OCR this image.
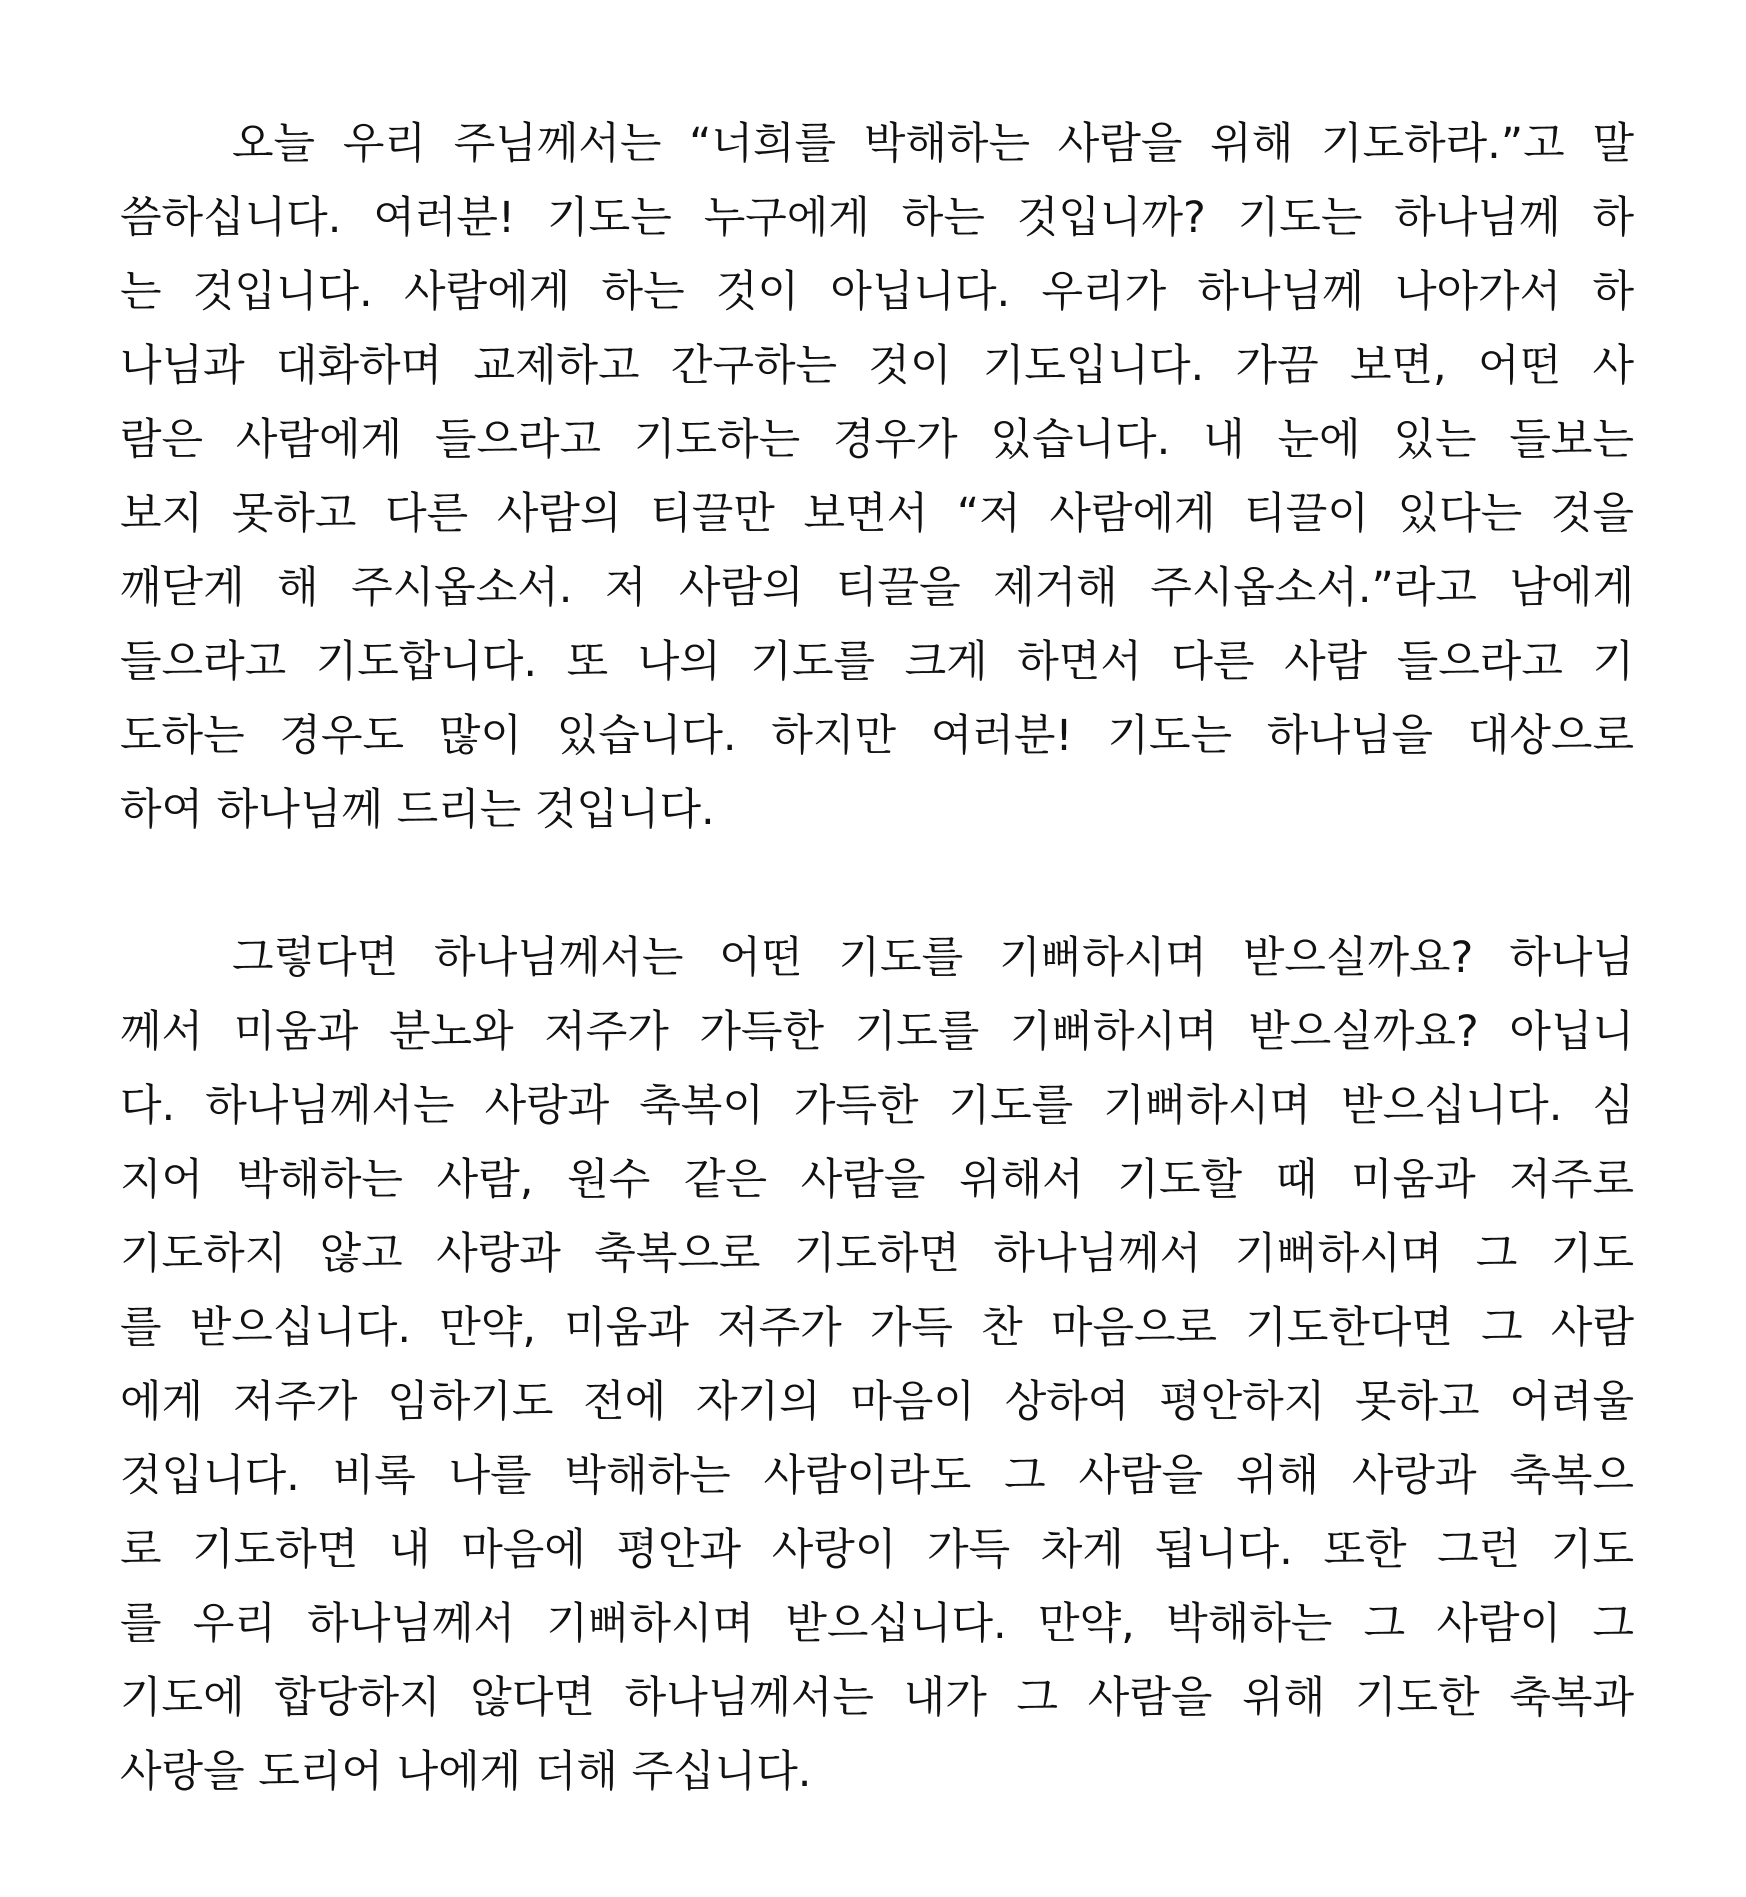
오늘 우리 주님께서는 “너희를 박해하는 사람을 위해 기도하라.”고 말
씀하십니다. 여러분! 기도는 누구에게 하는 것입니까? 기도는 하나님께 하
는 것입니다. 사람에게 하는 것이 아닙니다. 우리가 하나님께 나아가서 하
나님과 대화하며 교제하고 간구하는 것이 기도입니다. 가끔 보면, 어떤 사
람은 사람에게 들으라고 기도하는 경우가 있습니다. 내 눈에 있는 들보는
보지 못하고 다른 사람의 티끌만 보면서 “저 사람에게 티끌이 있다는 것을
깨닫게 해 주시옵소서. 저 사람의 티끌을 제거해 주시옵소서.”라고 남에게
들으라고 기도합니다. 또 나의 기도를 크게 하면서 다른 사람 들으라고 기
도하는 경우도 많이 있습니다. 하지만 여러분! 기도는 하나님을 대상으로
하여 하나님께 드리는 것입니다.
그렇다면 하나님께서는 어떤 기도를 기뻐하시며 받으실까요? 하나님
께서 미움과 분노와 저주가 가득한 기도를 기뻐하시며 받으실까요? 아닙니
다. 하나님께서는 사랑과 축복이 가득한 기도를 기뻐하시며 받으십니다. 심
지어 박해하는 사람, 원수 같은 사람을 위해서 기도할 때 미움과 저주로
기도하지 않고 사랑과 축복으로 기도하면 하나님께서 기뻐하시며 그 기도
를 받으십니다. 만약, 미움과 저주가 가득 찬 마음으로 기도한다면 그 사람
에게 저주가 임하기도 전에 자기의 마음이 상하여 평안하지 못하고 어려울
것입니다. 비록 나를 박해하는 사람이라도 그 사람을 위해 사랑과 축복으
로 기도하면 내 마음에 평안과 사랑이 가득 차게 됩니다. 또한 그런 기도
를 우리 하나님께서 기뻐하시며 받으십니다. 만약, 박해하는 그 사람이 그
기도에 합당하지 않다면 하나님께서는 내가 그 사람을 위해 기도한 축복과
사랑을 도리어 나에게 더해 주십니다.
